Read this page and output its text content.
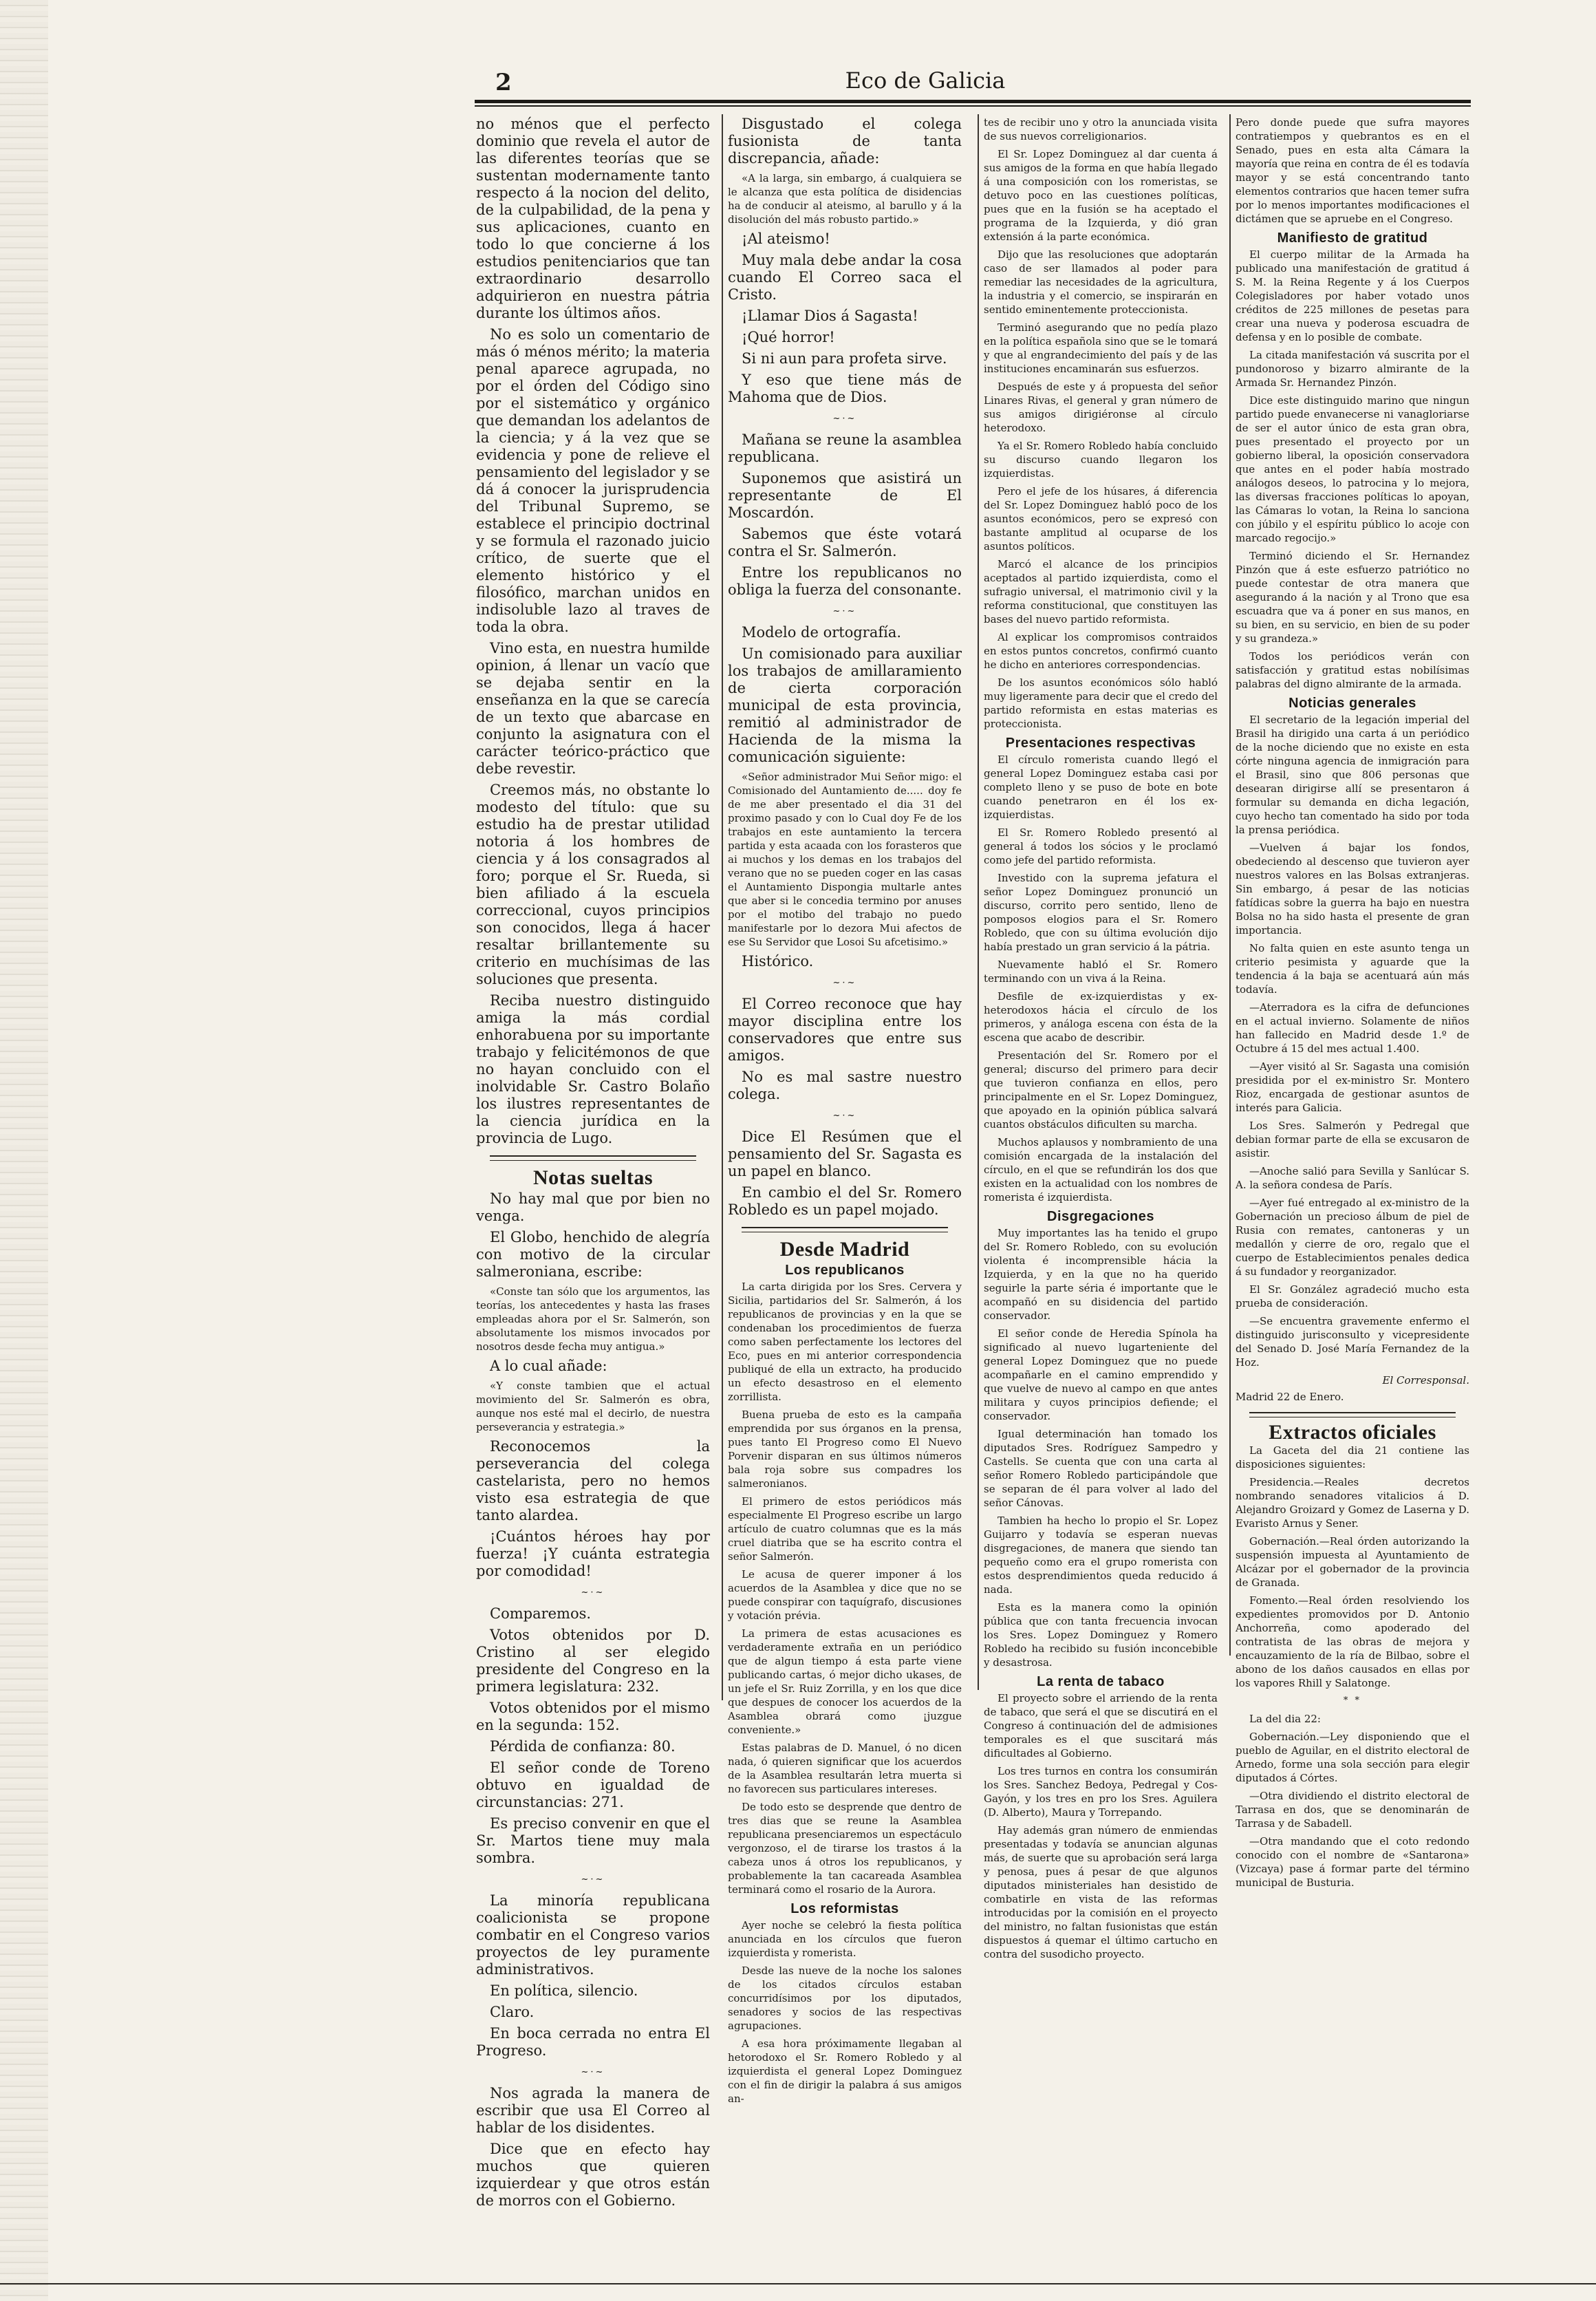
2	Eco de Galicia

no ménos que el perfecto dominio que revela el autor de las diferentes teorías que se sustentan modernamente tanto respecto á la nocion del delito, de la culpabilidad, de la pena y sus aplicaciones, cuanto en todo lo que concierne á los estudios penitenciarios que tan extraordinario desarrollo adquirieron en nuestra pátria durante los últimos años.

No es solo un comentario de más ó ménos mérito; la materia penal aparece agrupada, no por el órden del Código sino por el sistemático y orgánico que demandan los adelantos de la ciencia; y á la vez que se evidencia y pone de relieve el pensamiento del legislador y se dá á conocer la jurisprudencia del Tribunal Supremo, se establece el principio doctrinal y se formula el razonado juicio crítico, de suerte que el elemento histórico y el filosófico, marchan unidos en indisoluble lazo al traves de toda la obra.

Vino esta, en nuestra humilde opinion, á llenar un vacío que se dejaba sentir en la enseñanza en la que se carecía de un texto que abarcase en conjunto la asignatura con el carácter teórico-práctico que debe revestir.

Creemos más, no obstante lo modesto del título: que su estudio ha de prestar utilidad notoria á los hombres de ciencia y á los consagrados al foro; porque el Sr. Rueda, si bien afiliado á la escuela correccional, cuyos principios son conocidos, llega á hacer resaltar brillantemente su criterio en muchísimas de las soluciones que presenta.

Reciba nuestro distinguido amiga la más cordial enhorabuena por su importante trabajo y felicitémonos de que no hayan concluido con el inolvidable Sr. Castro Bolaño los ilustres representantes de la ciencia jurídica en la provincia de Lugo.

Notas sueltas

No hay mal que por bien no venga.

El Globo, henchido de alegría con motivo de la circular salmeroniana, escribe:

«Conste tan sólo que los argumentos, las teorías, los antecedentes y hasta las frases empleadas ahora por el Sr. Salmerón, son absolutamente los mismos invocados por nosotros desde fecha muy antigua.»

A lo cual añade:

«Y conste tambien que el actual movimiento del Sr. Salmerón es obra, aunque nos esté mal el decirlo, de nuestra perseverancia y estrategia.»

Reconocemos la perseverancia del colega castelarista, pero no hemos visto esa estrategia de que tanto alardea.

¡Cuántos héroes hay por fuerza! ¡Y cuánta estrategia por comodidad!

~·~

Comparemos.

Votos obtenidos por D. Cristino al ser elegido presidente del Congreso en la primera legislatura: 232.

Votos obtenidos por el mismo en la segunda: 152.

Pérdida de confianza: 80.

El señor conde de Toreno obtuvo en igualdad de circunstancias: 271.

Es preciso convenir en que el Sr. Martos tiene muy mala sombra.

~·~

La minoría republicana coalicionista se propone combatir en el Congreso varios proyectos de ley puramente administrativos.

En política, silencio.

Claro.

En boca cerrada no entra El Progreso.

~·~

Nos agrada la manera de escribir que usa El Correo al hablar de los disidentes.

Dice que en efecto hay muchos que quieren izquierdear y que otros están de morros con el Gobierno.

Disgustado el colega fusionista de tanta discrepancia, añade:

«A la larga, sin embargo, á cualquiera se le alcanza que esta política de disidencias ha de conducir al ateismo, al barullo y á la disolución del más robusto partido.»

¡Al ateismo!

Muy mala debe andar la cosa cuando El Correo saca el Cristo.

¡Llamar Dios á Sagasta!

¡Qué horror!

Si ni aun para profeta sirve.

Y eso que tiene más de Mahoma que de Dios.

~·~

Mañana se reune la asamblea republicana.

Suponemos que asistirá un representante de El Moscardón.

Sabemos que éste votará contra el Sr. Salmerón.

Entre los republicanos no obliga la fuerza del consonante.

~·~

Modelo de ortografía.

Un comisionado para auxiliar los trabajos de amillaramiento de cierta corporación municipal de esta provincia, remitió al administrador de Hacienda de la misma la comunicación siguiente:

«Señor administrador Mui Señor migo: el Comisionado del Auntamiento de..... doy fe de me aber presentado el dia 31 del proximo pasado y con lo Cual doy Fe de los trabajos en este auntamiento la tercera partida y esta acaada con los forasteros que ai muchos y los demas en los trabajos del verano que no se pueden coger en las casas el Auntamiento Dispongia multarle antes que aber si le concedia termino por anuses por el motibo del trabajo no puedo manifestarle por lo dezora Mui afectos de ese Su Servidor que Losoi Su afcetisimo.»

Histórico.

~·~

El Correo reconoce que hay mayor disciplina entre los conservadores que entre sus amigos.

No es mal sastre nuestro colega.

~·~

Dice El Resúmen que el pensamiento del Sr. Sagasta es un papel en blanco.

En cambio el del Sr. Romero Robledo es un papel mojado.

Desde Madrid
Los republicanos

La carta dirigida por los Sres. Cervera y Sicilia, partidarios del Sr. Salmerón, á los republicanos de provincias y en la que se condenaban los procedimientos de fuerza como saben perfectamente los lectores del Eco, pues en mi anterior correspondencia publiqué de ella un extracto, ha producido un efecto desastroso en el elemento zorrillista.

Buena prueba de esto es la campaña emprendida por sus órganos en la prensa, pues tanto El Progreso como El Nuevo Porvenir disparan en sus últimos números bala roja sobre sus compadres los salmeronianos.

El primero de estos periódicos más especialmente El Progreso escribe un largo artículo de cuatro columnas que es la más cruel diatriba que se ha escrito contra el señor Salmerón.

Le acusa de querer imponer á los acuerdos de la Asamblea y dice que no se puede conspirar con taquígrafo, discusiones y votación prévia.

La primera de estas acusaciones es verdaderamente extraña en un periódico que de algun tiempo á esta parte viene publicando cartas, ó mejor dicho ukases, de un jefe el Sr. Ruiz Zorrilla, y en los que dice que despues de conocer los acuerdos de la Asamblea obrará como ¡juzgue conveniente.»

Estas palabras de D. Manuel, ó no dicen nada, ó quieren significar que los acuerdos de la Asamblea resultarán letra muerta si no favorecen sus particulares intereses.

De todo esto se desprende que dentro de tres dias que se reune la Asamblea republicana presenciaremos un espectáculo vergonzoso, el de tirarse los trastos á la cabeza unos á otros los republicanos, y probablemente la tan cacareada Asamblea terminará como el rosario de la Aurora.

Los reformistas

Ayer noche se celebró la fiesta política anunciada en los círculos que fueron izquierdista y romerista.

Desde las nueve de la noche los salones de los citados círculos estaban concurridísimos por los diputados, senadores y socios de las respectivas agrupaciones.

A esa hora próximamente llegaban al hetorodoxo el Sr. Romero Robledo y al izquierdista el general Lopez Dominguez con el fin de dirigir la palabra á sus amigos an-

tes de recibir uno y otro la anunciada visita de sus nuevos correligionarios.

El Sr. Lopez Dominguez al dar cuenta á sus amigos de la forma en que había llegado á una composición con los romeristas, se detuvo poco en las cuestiones políticas, pues que en la fusión se ha aceptado el programa de la Izquierda, y dió gran extensión á la parte económica.

Dijo que las resoluciones que adoptarán caso de ser llamados al poder para remediar las necesidades de la agricultura, la industria y el comercio, se inspirarán en sentido eminentemente proteccionista.

Terminó asegurando que no pedía plazo en la política española sino que se le tomará y que al engrandecimiento del país y de las instituciones encaminarán sus esfuerzos.

Después de este y á propuesta del señor Linares Rivas, el general y gran número de sus amigos dirigiéronse al círculo heterodoxo.

Ya el Sr. Romero Robledo había concluido su discurso cuando llegaron los izquierdistas.

Pero el jefe de los húsares, á diferencia del Sr. Lopez Dominguez habló poco de los asuntos económicos, pero se expresó con bastante amplitud al ocuparse de los asuntos políticos.

Marcó el alcance de los principios aceptados al partido izquierdista, como el sufragio universal, el matrimonio civil y la reforma constitucional, que constituyen las bases del nuevo partido reformista.

Al explicar los compromisos contraidos en estos puntos concretos, confirmó cuanto he dicho en anteriores correspondencias.

De los asuntos económicos sólo habló muy ligeramente para decir que el credo del partido reformista en estas materias es proteccionista.

Presentaciones respectivas

El círculo romerista cuando llegó el general Lopez Dominguez estaba casi por completo lleno y se puso de bote en bote cuando penetraron en él los ex-izquierdistas.

El Sr. Romero Robledo presentó al general á todos los sócios y le proclamó como jefe del partido reformista.

Investido con la suprema jefatura el señor Lopez Dominguez pronunció un discurso, corrito pero sentido, lleno de pomposos elogios para el Sr. Romero Robledo, que con su última evolución dijo había prestado un gran servicio á la pátria.

Nuevamente habló el Sr. Romero terminando con un viva á la Reina.

Desfile de ex-izquierdistas y ex-heterodoxos hácia el círculo de los primeros, y análoga escena con ésta de la escena que acabo de describir.

Presentación del Sr. Romero por el general; discurso del primero para decir que tuvieron confianza en ellos, pero principalmente en el Sr. Lopez Dominguez, que apoyado en la opinión pública salvará cuantos obstáculos dificulten su marcha.

Muchos aplausos y nombramiento de una comisión encargada de la instalación del círculo, en el que se refundirán los dos que existen en la actualidad con los nombres de romerista é izquierdista.

Disgregaciones

Muy importantes las ha tenido el grupo del Sr. Romero Robledo, con su evolución violenta é incomprensible hácia la Izquierda, y en la que no ha querido seguirle la parte séria é importante que le acompañó en su disidencia del partido conservador.

El señor conde de Heredia Spínola ha significado al nuevo lugarteniente del general Lopez Dominguez que no puede acompañarle en el camino emprendido y que vuelve de nuevo al campo en que antes militara y cuyos principios defiende; el conservador.

Igual determinación han tomado los diputados Sres. Rodríguez Sampedro y Castells. Se cuenta que con una carta al señor Romero Robledo participándole que se separan de él para volver al lado del señor Cánovas.

Tambien ha hecho lo propio el Sr. Lopez Guijarro y todavía se esperan nuevas disgregaciones, de manera que siendo tan pequeño como era el grupo romerista con estos desprendimientos queda reducido á nada.

Esta es la manera como la opinión pública que con tanta frecuencia invocan los Sres. Lopez Dominguez y Romero Robledo ha recibido su fusión inconcebible y desastrosa.

La renta de tabaco

El proyecto sobre el arriendo de la renta de tabaco, que será el que se discutirá en el Congreso á continuación del de admisiones temporales es el que suscitará más dificultades al Gobierno.

Los tres turnos en contra los consumirán los Sres. Sanchez Bedoya, Pedregal y Cos-Gayón, y los tres en pro los Sres. Aguilera (D. Alberto), Maura y Torrepando.

Hay además gran número de enmiendas presentadas y todavía se anuncian algunas más, de suerte que su aprobación será larga y penosa, pues á pesar de que algunos diputados ministeriales han desistido de combatirle en vista de las reformas introducidas por la comisión en el proyecto del ministro, no faltan fusionistas que están dispuestos á quemar el último cartucho en contra del susodicho proyecto.

Pero donde puede que sufra mayores contratiempos y quebrantos es en el Senado, pues en esta alta Cámara la mayoría que reina en contra de él es todavía mayor y se está concentrando tanto elementos contrarios que hacen temer sufra por lo menos importantes modificaciones el dictámen que se apruebe en el Congreso.

Manifiesto de gratitud

El cuerpo militar de la Armada ha publicado una manifestación de gratitud á S. M. la Reina Regente y á los Cuerpos Colegisladores por haber votado unos créditos de 225 millones de pesetas para crear una nueva y poderosa escuadra de defensa y en lo posible de combate.

La citada manifestación vá suscrita por el pundonoroso y bizarro almirante de la Armada Sr. Hernandez Pinzón.

Dice este distinguido marino que ningun partido puede envanecerse ni vanagloriarse de ser el autor único de esta gran obra, pues presentado el proyecto por un gobierno liberal, la oposición conservadora que antes en el poder había mostrado análogos deseos, lo patrocina y lo mejora, las diversas fracciones políticas lo apoyan, las Cámaras lo votan, la Reina lo sanciona con júbilo y el espíritu público lo acoje con marcado regocijo.»

Terminó diciendo el Sr. Hernandez Pinzón que á este esfuerzo patriótico no puede contestar de otra manera que asegurando á la nación y al Trono que esa escuadra que va á poner en sus manos, en su bien, en su servicio, en bien de su poder y su grandeza.»

Todos los periódicos verán con satisfacción y gratitud estas nobilísimas palabras del digno almirante de la armada.

Noticias generales

El secretario de la legación imperial del Brasil ha dirigido una carta á un periódico de la noche diciendo que no existe en esta córte ninguna agencia de inmigración para el Brasil, sino que 806 personas que desearan dirigirse allí se presentaron á formular su demanda en dicha legación, cuyo hecho tan comentado ha sido por toda la prensa periódica.

—Vuelven á bajar los fondos, obedeciendo al descenso que tuvieron ayer nuestros valores en las Bolsas extranjeras. Sin embargo, á pesar de las noticias fatídicas sobre la guerra ha bajo en nuestra Bolsa no ha sido hasta el presente de gran importancia.

No falta quien en este asunto tenga un criterio pesimista y aguarde que la tendencia á la baja se acentuará aún más todavía.

—Aterradora es la cifra de defunciones en el actual invierno. Solamente de niños han fallecido en Madrid desde 1.º de Octubre á 15 del mes actual 1.400.

—Ayer visitó al Sr. Sagasta una comisión presidida por el ex-ministro Sr. Montero Rioz, encargada de gestionar asuntos de interés para Galicia.

Los Sres. Salmerón y Pedregal que debian formar parte de ella se excusaron de asistir.

—Anoche salió para Sevilla y Sanlúcar S. A. la señora condesa de París.

—Ayer fué entregado al ex-ministro de la Gobernación un precioso álbum de piel de Rusia con remates, cantoneras y un medallón y cierre de oro, regalo que el cuerpo de Establecimientos penales dedica á su fundador y reorganizador.

El Sr. González agradeció mucho esta prueba de consideración.

—Se encuentra gravemente enfermo el distinguido jurisconsulto y vicepresidente del Senado D. José María Fernandez de la Hoz.

El Corresponsal.
Madrid 22 de Enero.
Extractos oficiales

La Gaceta del dia 21 contiene las disposiciones siguientes:

Presidencia.—Reales decretos nombrando senadores vitalicios á D. Alejandro Groizard y Gomez de Laserna y D. Evaristo Arnus y Sener.

Gobernación.—Real órden autorizando la suspensión impuesta al Ayuntamiento de Alcázar por el gobernador de la provincia de Granada.

Fomento.—Real órden resolviendo los expedientes promovidos por D. Antonio Anchorreña, como apoderado del contratista de las obras de mejora y encauzamiento de la ría de Bilbao, sobre el abono de los daños causados en ellas por los vapores Rhill y Salatonge.

* *

La del dia 22:

Gobernación.—Ley disponiendo que el pueblo de Aguilar, en el distrito electoral de Arnedo, forme una sola sección para elegir diputados á Córtes.

—Otra dividiendo el distrito electoral de Tarrasa en dos, que se denominarán de Tarrasa y de Sabadell.

—Otra mandando que el coto redondo conocido con el nombre de «Santarona» (Vizcaya) pase á formar parte del término municipal de Busturia.
